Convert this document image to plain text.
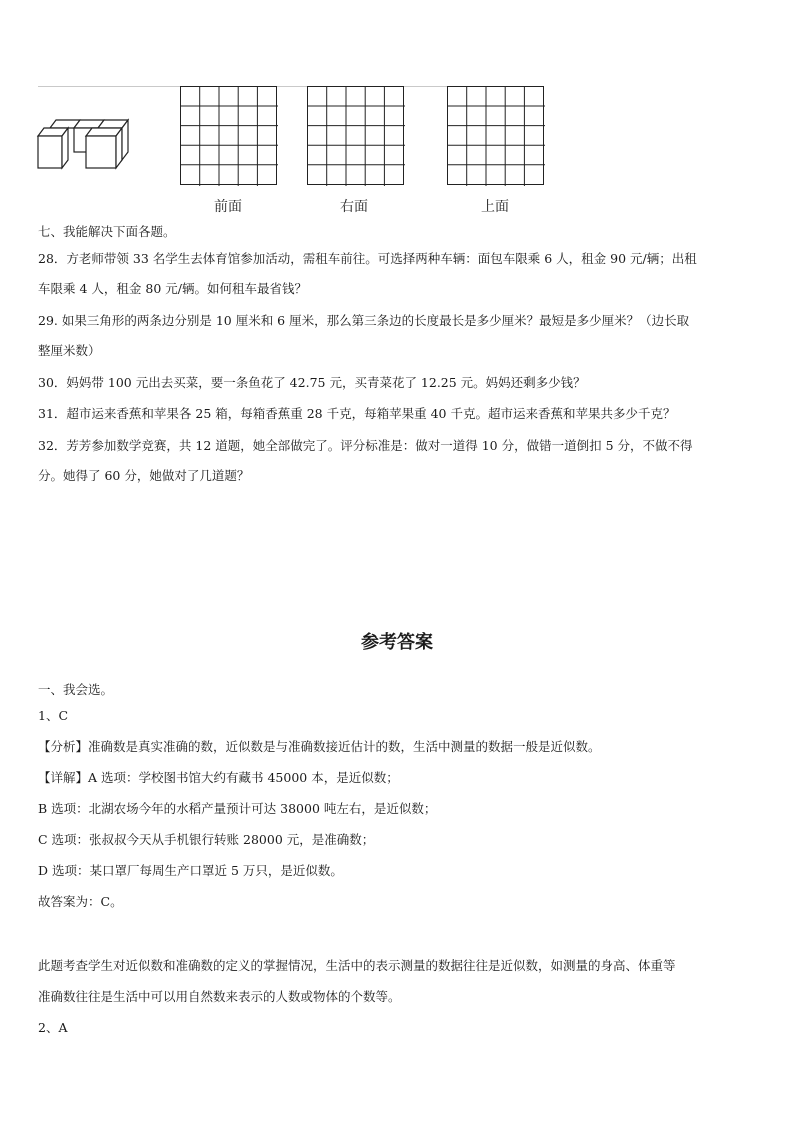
前面	右面	上面
七、我能解决下面各题。
28．方老师带领 33 名学生去体育馆参加活动，需租车前往。可选择两种车辆：面包车限乘 6 人，租金 90 元/辆；出租
车限乘 4 人，租金 80 元/辆。如何租车最省钱？
29. 如果三角形的两条边分别是 10 厘米和 6 厘米，那么第三条边的长度最长是多少厘米？最短是多少厘米？（边长取
整厘米数）
30．妈妈带 100 元出去买菜，要一条鱼花了 42.75 元，买青菜花了 12.25 元。妈妈还剩多少钱？
31．超市运来香蕉和苹果各 25 箱，每箱香蕉重 28 千克，每箱苹果重 40 千克。超市运来香蕉和苹果共多少千克？
32．芳芳参加数学竞赛，共 12 道题，她全部做完了。评分标准是：做对一道得 10 分，做错一道倒扣 5 分，不做不得
分。她得了 60 分，她做对了几道题？
参考答案
一、我会选。
1、C
【分析】准确数是真实准确的数，近似数是与准确数接近估计的数，生活中测量的数据一般是近似数。
【详解】A 选项：学校图书馆大约有藏书 45000 本，是近似数；
B 选项：北湖农场今年的水稻产量预计可达 38000 吨左右，是近似数；
C 选项：张叔叔今天从手机银行转账 28000 元，是准确数；
D 选项：某口罩厂每周生产口罩近 5 万只，是近似数。
故答案为：C。
此题考查学生对近似数和准确数的定义的掌握情况，生活中的表示测量的数据往往是近似数，如测量的身高、体重等
准确数往往是生活中可以用自然数来表示的人数或物体的个数等。
2、A
